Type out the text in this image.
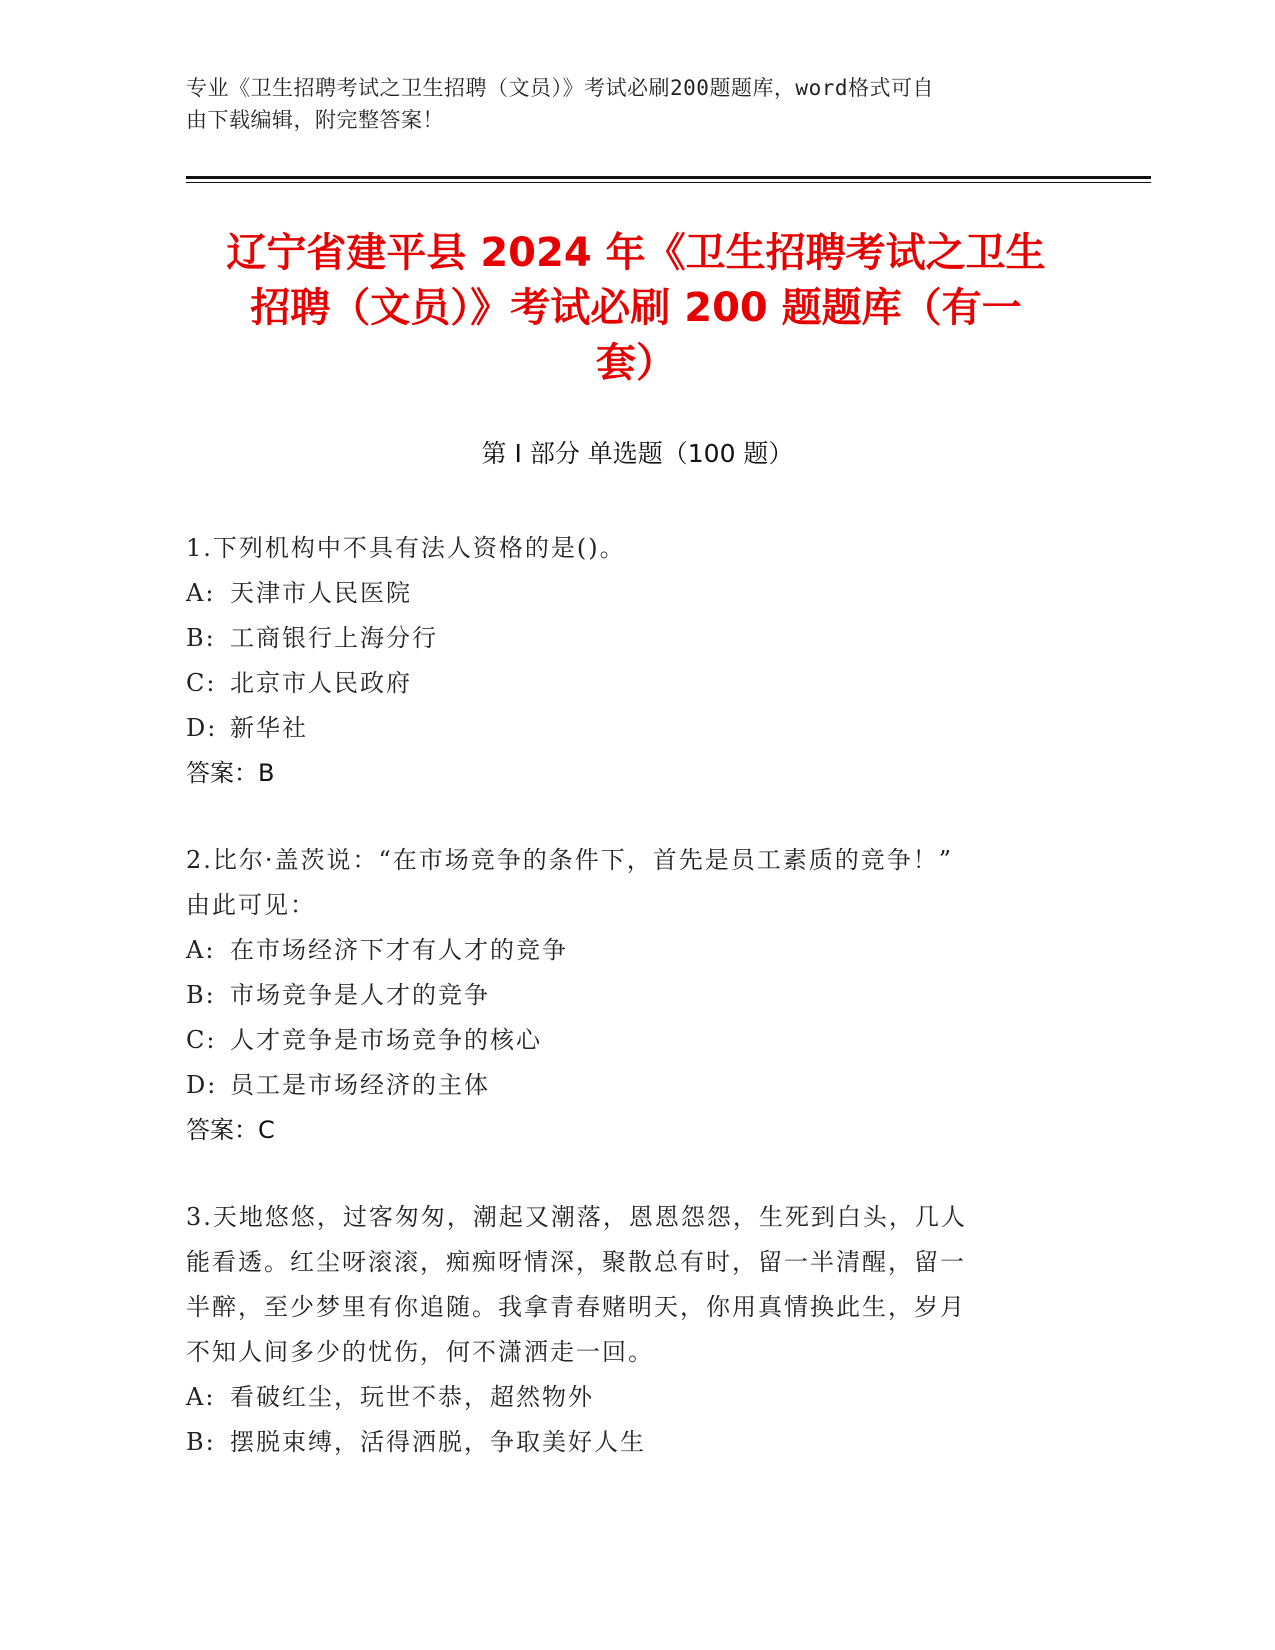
专业《卫生招聘考试之卫生招聘（文员）》考试必刷200题题库，word格式可自
由下载编辑，附完整答案！
辽宁省建平县 2024 年《卫生招聘考试之卫生
招聘（文员）》考试必刷 200 题题库（有一
套）
第 I 部分 单选题（100 题）
1.下列机构中不具有法人资格的是()。
A: 天津市人民医院
B: 工商银行上海分行
C: 北京市人民政府
D: 新华社
答案：B
2.比尔·盖茨说：“在市场竞争的条件下，首先是员工素质的竞争！”
由此可见：
A: 在市场经济下才有人才的竞争
B: 市场竞争是人才的竞争
C: 人才竞争是市场竞争的核心
D: 员工是市场经济的主体
答案：C
3.天地悠悠，过客匆匆，潮起又潮落，恩恩怨怨，生死到白头，几人
能看透。红尘呀滚滚，痴痴呀情深，聚散总有时，留一半清醒，留一
半醉，至少梦里有你追随。我拿青春赌明天，你用真情换此生，岁月
不知人间多少的忧伤，何不潇洒走一回。
A: 看破红尘，玩世不恭，超然物外
B: 摆脱束缚，活得洒脱，争取美好人生
